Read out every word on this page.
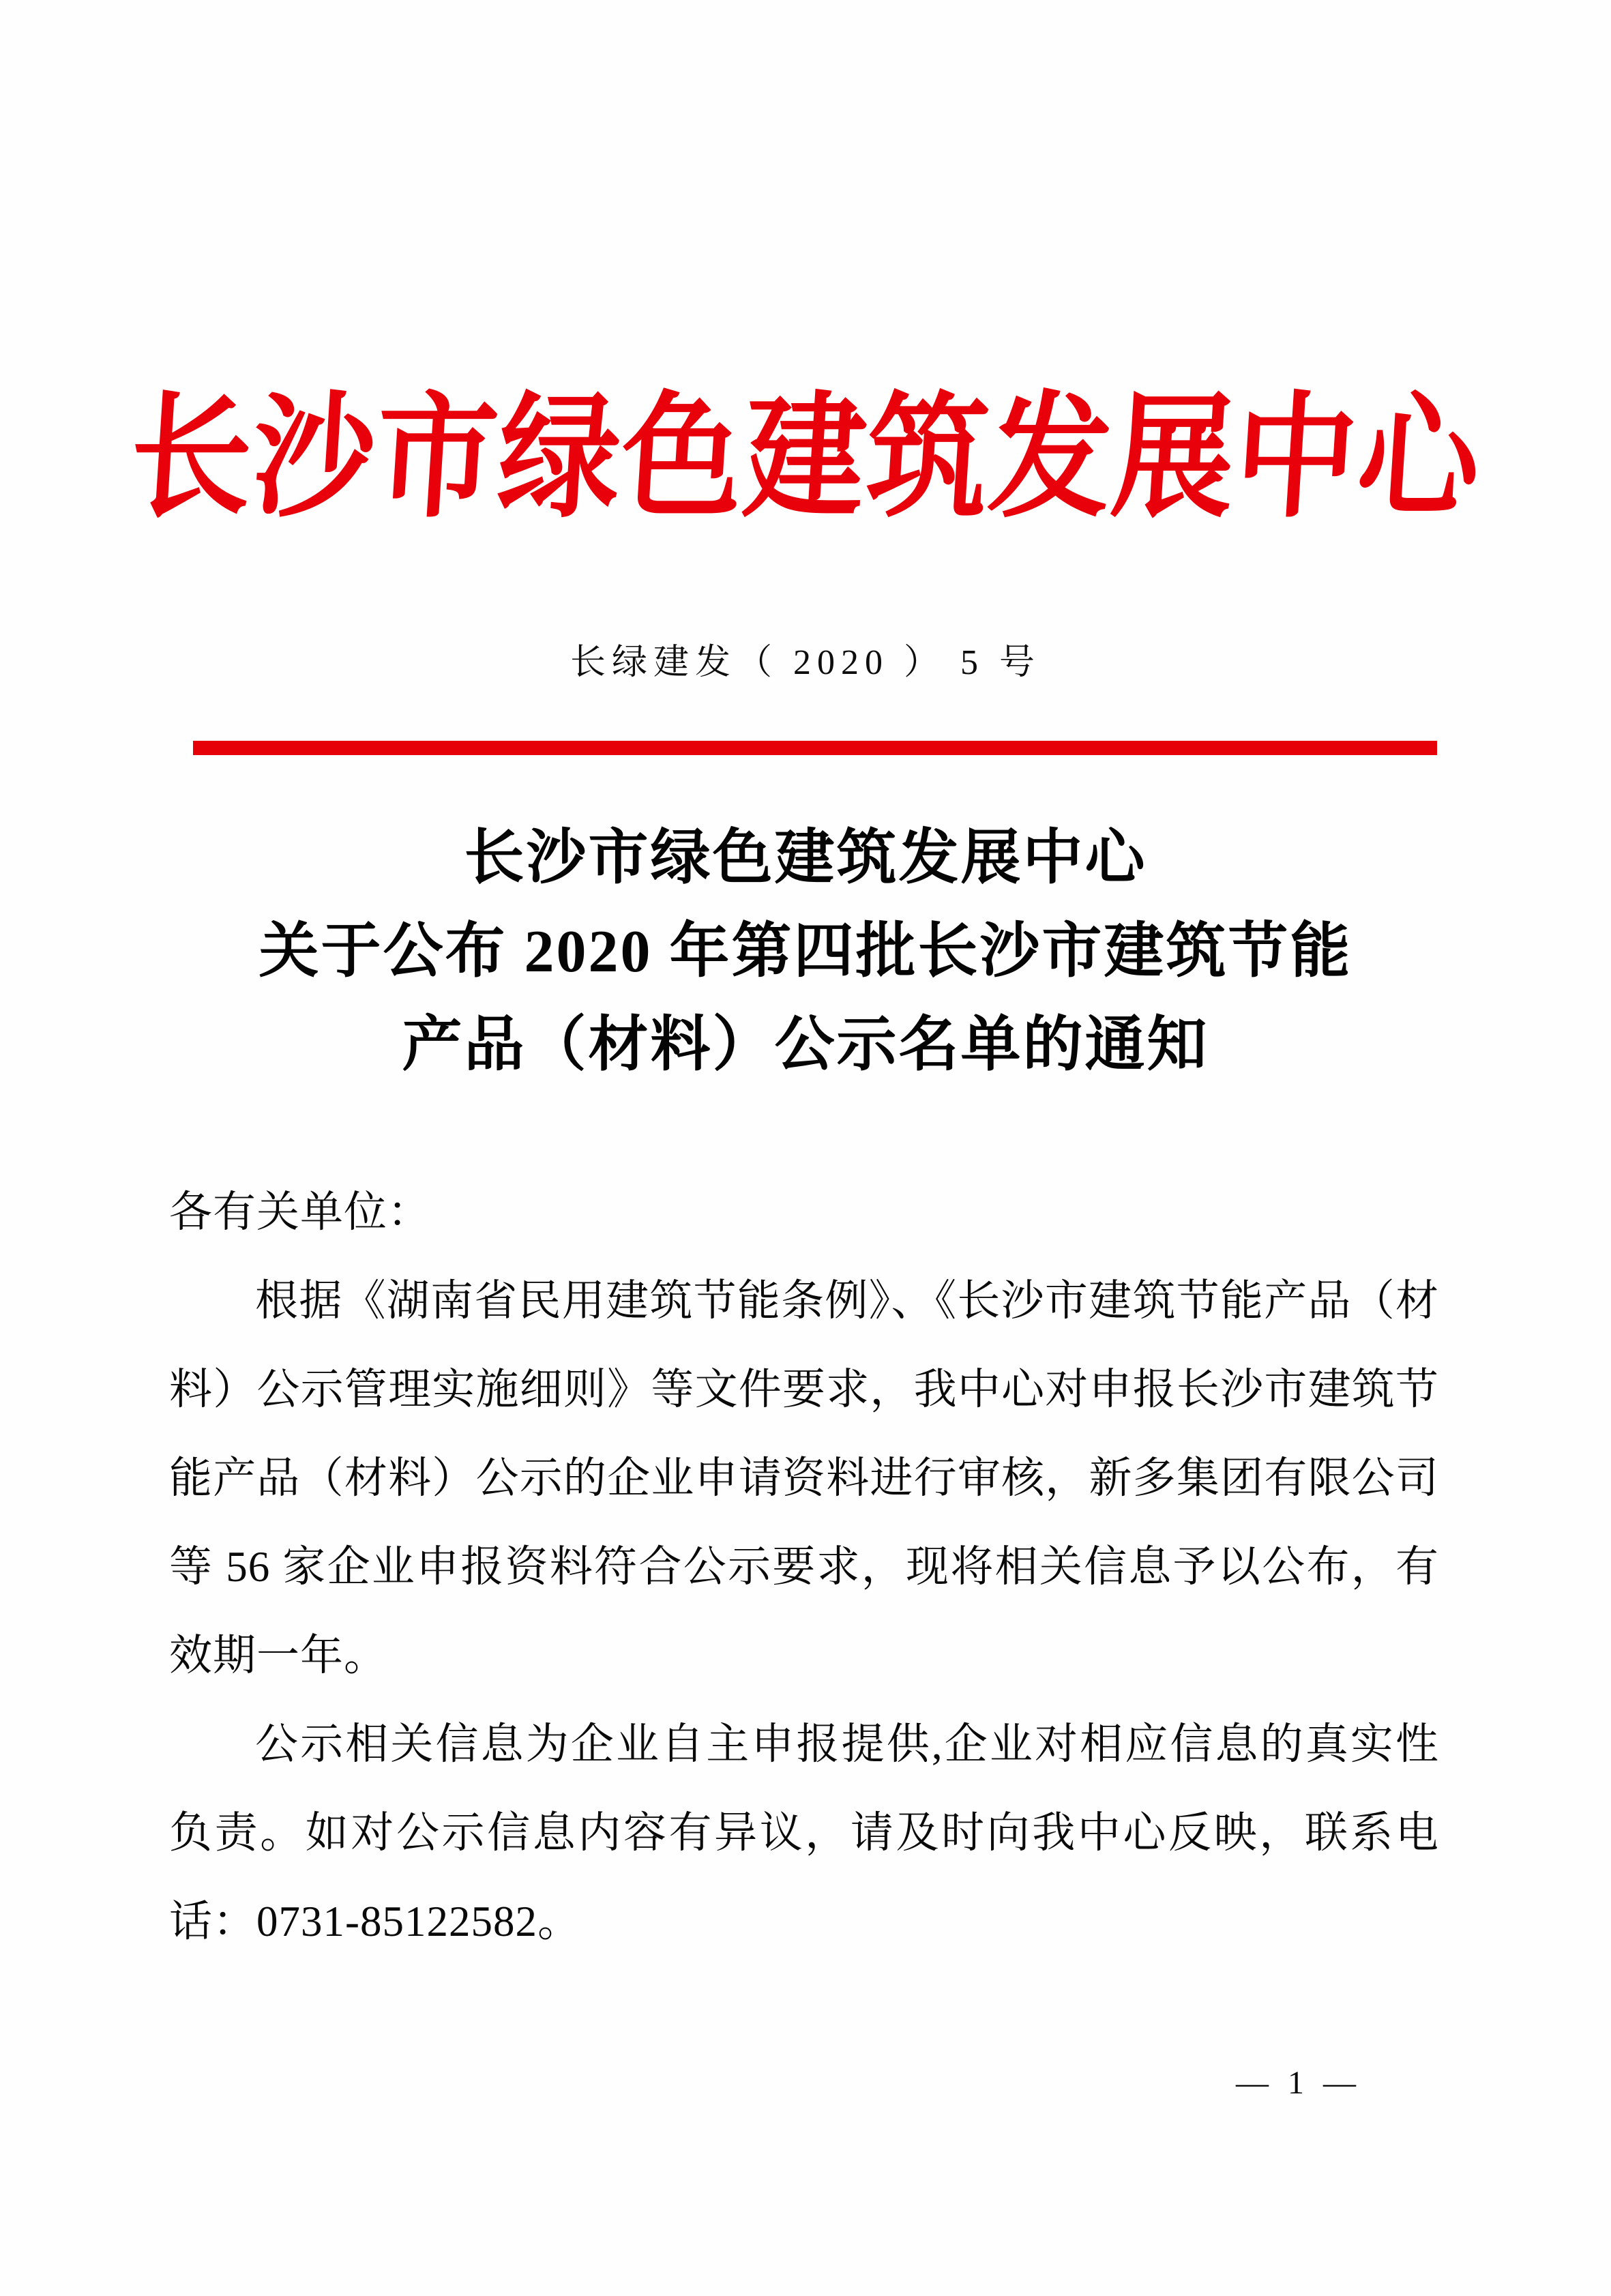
长沙市绿色建筑发展中心
长绿建发（ 2020 ） 5 号
长沙市绿色建筑发展中心
关于公布 2020 年第四批长沙市建筑节能
产品（材料）公示名单的通知

各有关单位：

根据《湖南省民用建筑节能条例》、《长沙市建筑节能产品（材料）公示管理实施细则》等文件要求，我中心对申报长沙市建筑节能产品（材料）公示的企业申请资料进行审核，新多集团有限公司等 56 家企业申报资料符合公示要求，现将相关信息予以公布，有效期一年。

公示相关信息为企业自主申报提供,企业对相应信息的真实性负责。如对公示信息内容有异议，请及时向我中心反映，联系电话：0731-85122582。

— 1 —
